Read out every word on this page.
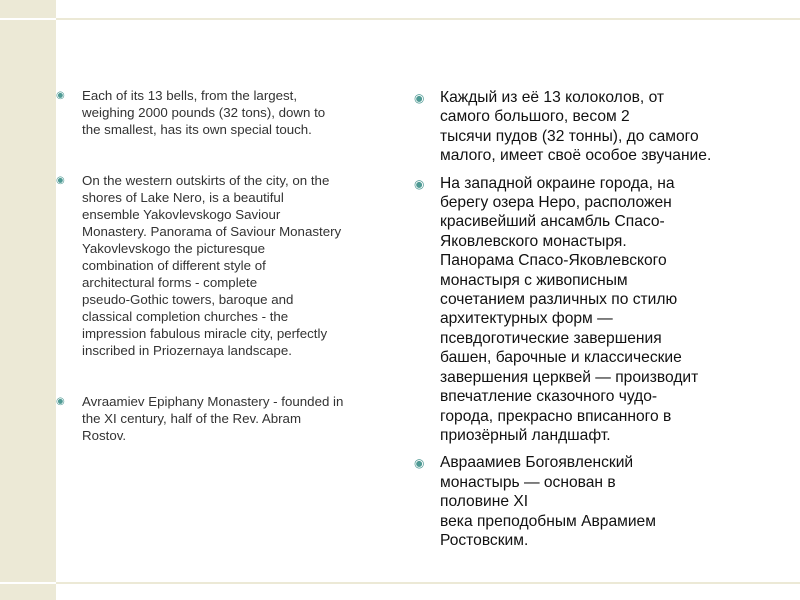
◉ Each of its 13 bells, from the largest,
weighing 2000 pounds (32 tons), down to
the smallest, has its own special touch.
◉ On the western outskirts of the city, on the
shores of Lake Nero, is a beautiful
ensemble Yakovlevskogo Saviour
Monastery. Panorama of Saviour Monastery
Yakovlevskogo the picturesque
combination of different style of
architectural forms - complete
pseudo-Gothic towers, baroque and
classical completion churches - the
impression fabulous miracle city, perfectly
inscribed in Priozernaya landscape.
◉ Avraamiev Epiphany Monastery - founded in
the XI century, half of the Rev. Abram
Rostov.
◉ Каждый из её 13 колоколов, от
самого большого, весом 2
тысячи пудов (32 тонны), до самого
малого, имеет своё особое звучание.
◉ На западной окраине города, на
берегу озера Неро, расположен
красивейший ансамбль Спасо-
Яковлевского монастыря.
Панорама Спасо-Яковлевского
монастыря с живописным
сочетанием различных по стилю
архитектурных форм —
псевдоготические завершения
башен, барочные и классические
завершения церквей — производит
впечатление сказочного чудо-
города, прекрасно вписанного в
приозёрный ландшафт.
◉ Авраамиев Богоявленский
монастырь — основан в
половине XI
века преподобным Аврамием
Ростовским.
